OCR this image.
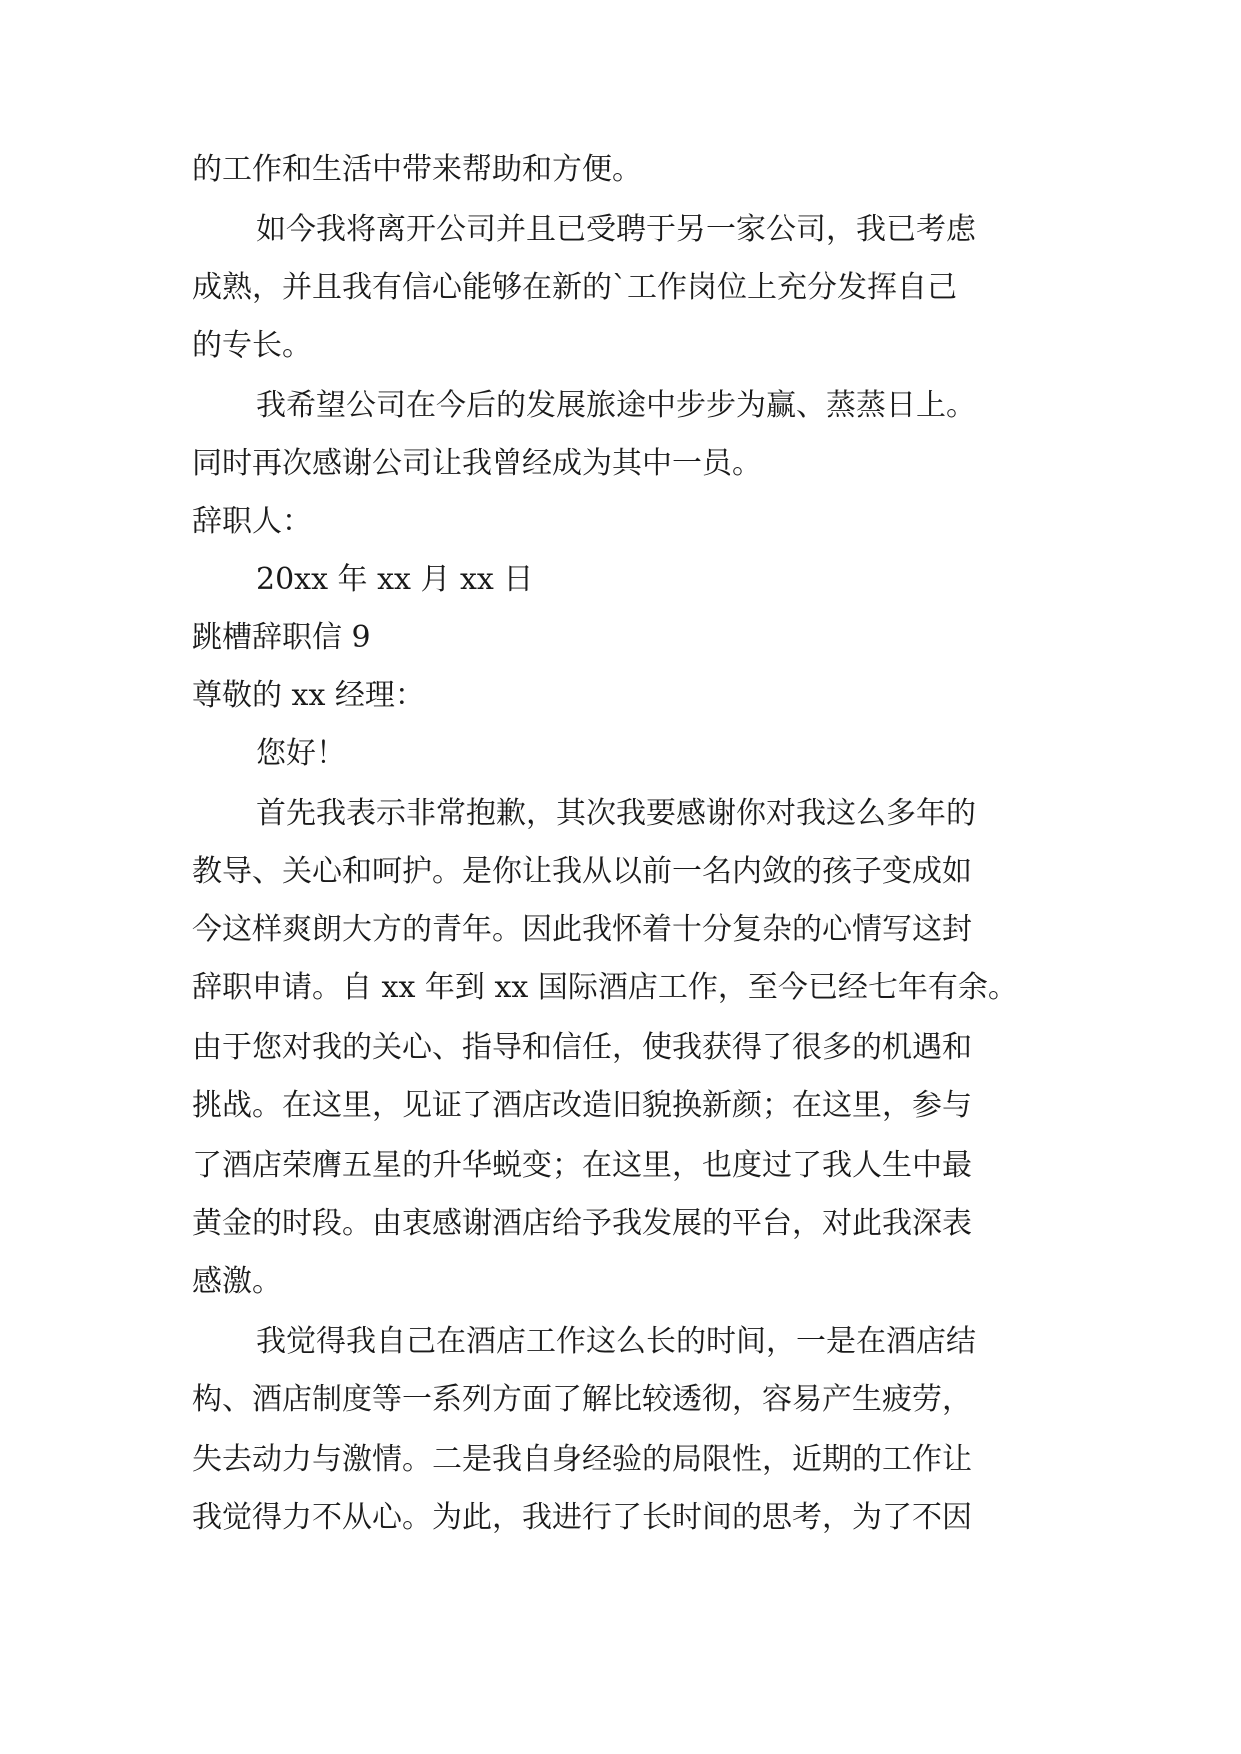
的工作和生活中带来帮助和方便。
如今我将离开公司并且已受聘于另一家公司，我已考虑
成熟，并且我有信心能够在新的`工作岗位上充分发挥自己
的专长。
我希望公司在今后的发展旅途中步步为赢、蒸蒸日上。
同时再次感谢公司让我曾经成为其中一员。
辞职人：
20xx 年 xx 月 xx 日
跳槽辞职信 9
尊敬的 xx 经理：
您好！
首先我表示非常抱歉，其次我要感谢你对我这么多年的
教导、关心和呵护。是你让我从以前一名内敛的孩子变成如
今这样爽朗大方的青年。因此我怀着十分复杂的心情写这封
辞职申请。自 xx 年到 xx 国际酒店工作，至今已经七年有余。
由于您对我的关心、指导和信任，使我获得了很多的机遇和
挑战。在这里，见证了酒店改造旧貌换新颜；在这里，参与
了酒店荣膺五星的升华蜕变；在这里，也度过了我人生中最
黄金的时段。由衷感谢酒店给予我发展的平台，对此我深表
感激。
我觉得我自己在酒店工作这么长的时间，一是在酒店结
构、酒店制度等一系列方面了解比较透彻，容易产生疲劳，
失去动力与激情。二是我自身经验的局限性，近期的工作让
我觉得力不从心。为此，我进行了长时间的思考，为了不因
